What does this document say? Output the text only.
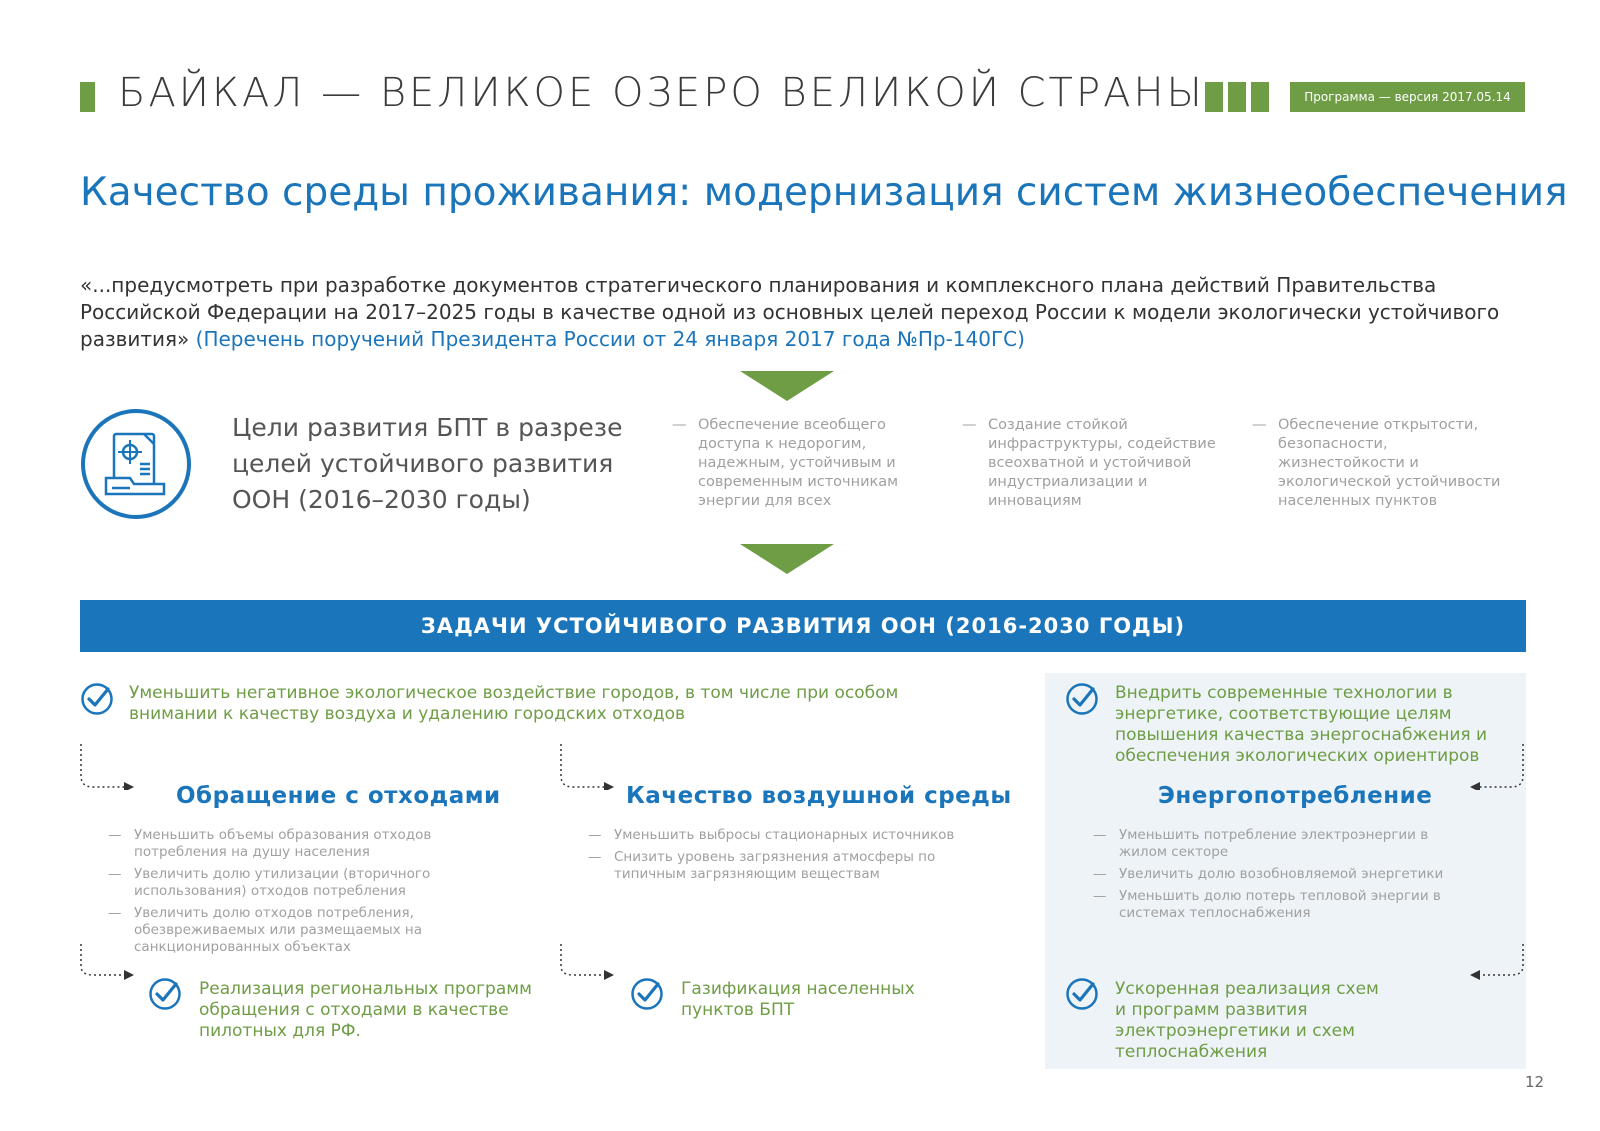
БАЙКАЛ — ВЕЛИКОЕ ОЗЕРО ВЕЛИКОЙ СТРАНЫ	Программа — версия 2017.05.14
Качество среды проживания: модернизация систем жизнеобеспечения
«...предусмотреть при разработке документов стратегического планирования и комплексного плана действий Правительства Российской Федерации на 2017–2025 годы в качестве одной из основных целей переход России к модели экологически устойчивого развития» (Перечень поручений Президента России от 24 января 2017 года №Пр-140ГС)
Цели развития БПТ в разрезе целей устойчивого развития ООН (2016–2030 годы)
— Обеспечение всеобщего доступа к недорогим, надежным, устойчивым и современным источникам энергии для всех
— Создание стойкой инфраструктуры, содействие всеохватной и устойчивой индустриализации и инновациям
— Обеспечение открытости, безопасности, жизнестойкости и экологической устойчивости населенных пунктов
ЗАДАЧИ УСТОЙЧИВОГО РАЗВИТИЯ ООН (2016-2030 ГОДЫ)
Уменьшить негативное экологическое воздействие городов, в том числе при особом внимании к качеству воздуха и удалению городских отходов
Внедрить современные технологии в энергетике, соответствующие целям повышения качества энергоснабжения и обеспечения экологических ориентиров
Обращение с отходами
— Уменьшить объемы образования отходов потребления на душу населения
— Увеличить долю утилизации (вторичного использования) отходов потребления
— Увеличить долю отходов потребления, обезвреживаемых или размещаемых на санкционированных объектах
Реализация региональных программ обращения с отходами в качестве пилотных для РФ.
Качество воздушной среды
— Уменьшить выбросы стационарных источников
— Снизить уровень загрязнения атмосферы по типичным загрязняющим веществам
Газификация населенных пунктов БПТ
Энергопотребление
— Уменьшить потребление электроэнергии в жилом секторе
— Увеличить долю возобновляемой энергетики
— Уменьшить долю потерь тепловой энергии в системах теплоснабжения
Ускоренная реализация схем и программ развития электроэнергетики и схем теплоснабжения
12
